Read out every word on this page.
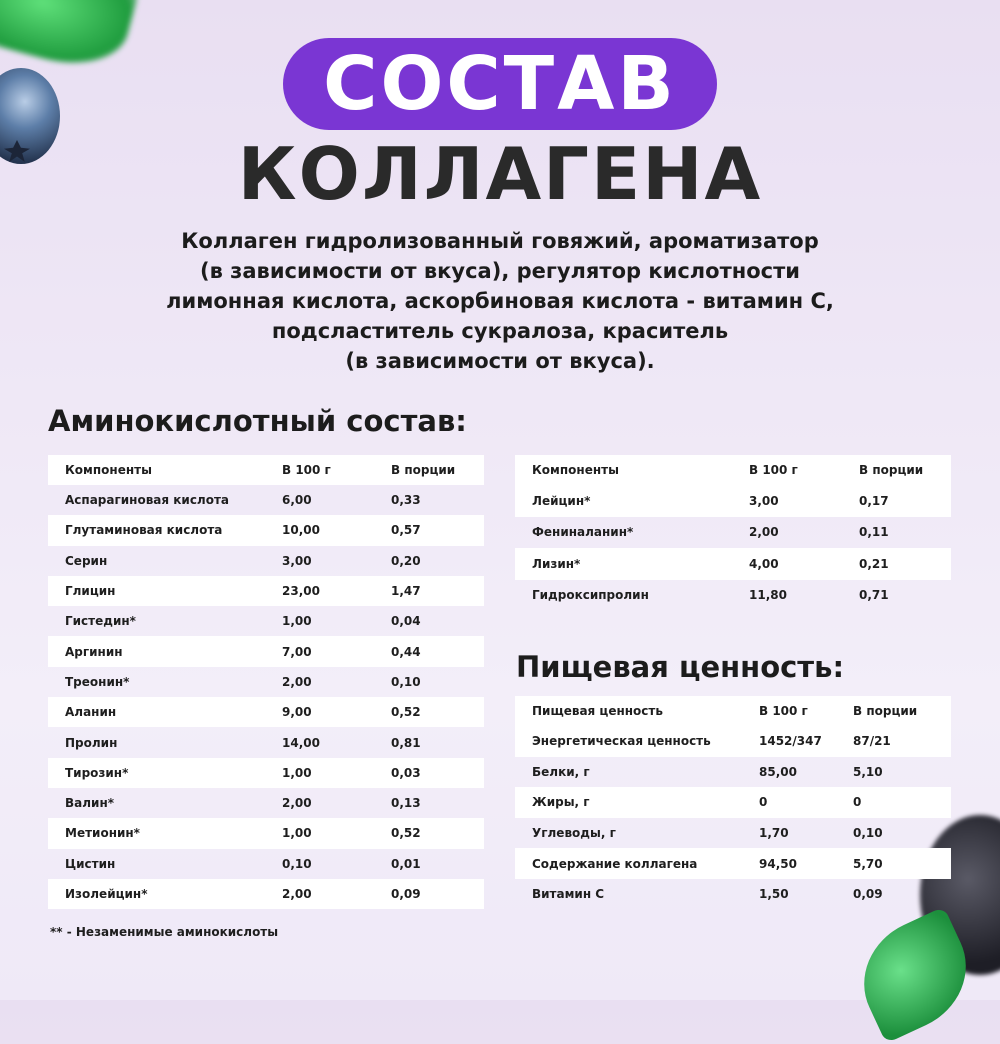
СОСТАВ
КОЛЛАГЕНА
Коллаген гидролизованный говяжий, ароматизатор
(в зависимости от вкуса), регулятор кислотности
лимонная кислота, аскорбиновая кислота - витамин С,
подсластитель сукралоза, краситель
(в зависимости от вкуса).
Аминокислотный состав:
Пищевая ценность:
Компоненты	В 100 г	В порции
Аспарагиновая кислота	6,00	0,33
Глутаминовая кислота	10,00	0,57
Серин	3,00	0,20
Глицин	23,00	1,47
Гистедин*	1,00	0,04
Аргинин	7,00	0,44
Треонин*	2,00	0,10
Аланин	9,00	0,52
Пролин	14,00	0,81
Тирозин*	1,00	0,03
Валин*	2,00	0,13
Метионин*	1,00	0,52
Цистин	0,10	0,01
Изолейцин*	2,00	0,09
Компоненты	В 100 г	В порции
Лейцин*	3,00	0,17
Фениналанин*	2,00	0,11
Лизин*	4,00	0,21
Гидроксипролин	11,80	0,71
Пищевая ценность	В 100 г	В порции
Энергетическая ценность	1452/347	87/21
Белки, г	85,00	5,10
Жиры, г	0	0
Углеводы, г	1,70	0,10
Содержание коллагена	94,50	5,70
Витамин С	1,50	0,09
** - Незаменимые аминокислоты
